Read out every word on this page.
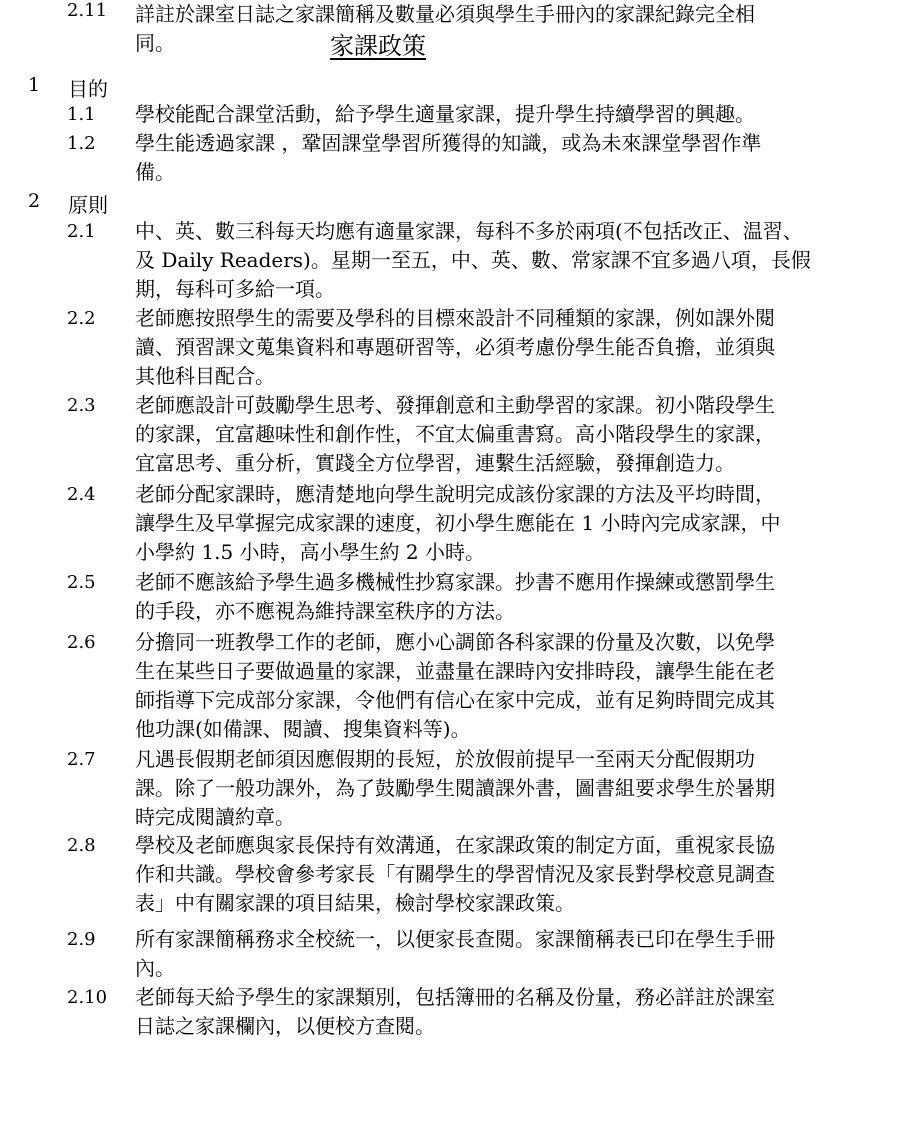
家課政策
1 目的
1.1 學校能配合課堂活動，給予學生適量家課，提升學生持續學習的興趣。
1.2 學生能透過家課 ，鞏固課堂學習所獲得的知識，或為未來課堂學習作準
備。
2 原則
2.1 中、英、數三科每天均應有適量家課，每科不多於兩項(不包括改正、温習、
及 Daily Readers)。星期一至五，中、英、數、常家課不宜多過八項，長假
期，每科可多給一項。
2.2 老師應按照學生的需要及學科的目標來設計不同種類的家課，例如課外閱
讀、預習課文蒐集資料和專題研習等，必須考慮份學生能否負擔，並須與
其他科目配合。
2.3 老師應設計可鼓勵學生思考、發揮創意和主動學習的家課。初小階段學生
的家課，宜富趣味性和創作性，不宜太偏重書寫。高小階段學生的家課，
宜富思考、重分析，實踐全方位學習，連繫生活經驗，發揮創造力。
2.4 老師分配家課時，應清楚地向學生說明完成該份家課的方法及平均時間，
讓學生及早掌握完成家課的速度，初小學生應能在 1 小時內完成家課，中
小學約 1.5 小時，高小學生約 2 小時。
2.5 老師不應該給予學生過多機械性抄寫家課。抄書不應用作操練或懲罰學生
的手段，亦不應視為維持課室秩序的方法。
2.6 分擔同一班教學工作的老師，應小心調節各科家課的份量及次數，以免學
生在某些日子要做過量的家課，並盡量在課時內安排時段，讓學生能在老
師指導下完成部分家課，令他們有信心在家中完成，並有足夠時間完成其
他功課(如備課、閱讀、搜集資料等)。
2.7 凡遇長假期老師須因應假期的長短，於放假前提早一至兩天分配假期功
課。除了一般功課外，為了鼓勵學生閱讀課外書，圖書組要求學生於暑期
時完成閱讀約章。
2.8 學校及老師應與家長保持有效溝通，在家課政策的制定方面，重視家長協
作和共識。學校會參考家長「有關學生的學習情況及家長對學校意見調查
表」中有關家課的項目結果，檢討學校家課政策。
2.9 所有家課簡稱務求全校統一，以便家長查閱。家課簡稱表已印在學生手冊
內。
2.10 老師每天給予學生的家課類別，包括簿冊的名稱及份量，務必詳註於課室
日誌之家課欄內，以便校方查閱。
2.11 詳註於課室日誌之家課簡稱及數量必須與學生手冊內的家課紀錄完全相
同。
